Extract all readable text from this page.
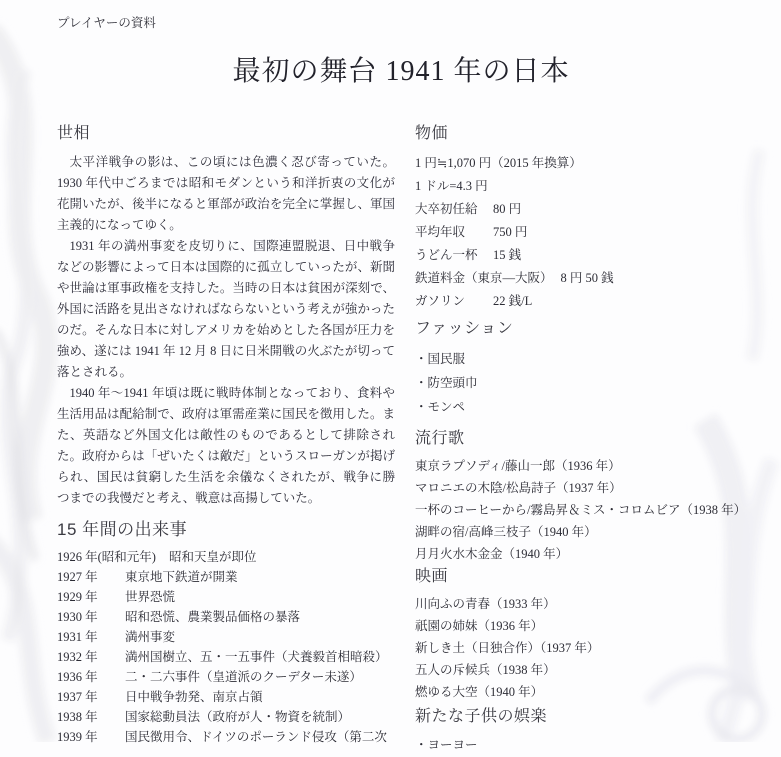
プレイヤーの資料
最初の舞台 1941 年の日本
世相

太平洋戦争の影は、この頃には色濃く忍び寄っていた。1930 年代中ごろまでは昭和モダンという和洋折衷の文化が花開いたが、後半になると軍部が政治を完全に掌握し、軍国主義的になってゆく。

1931 年の満州事変を皮切りに、国際連盟脱退、日中戦争などの影響によって日本は国際的に孤立していったが、新聞や世論は軍事政権を支持した。当時の日本は貧困が深刻で、外国に活路を見出さなければならないという考えが強かったのだ。そんな日本に対しアメリカを始めとした各国が圧力を強め、遂には 1941 年 12 月 8 日に日米開戦の火ぶたが切って落とされる。

1940 年～1941 年頃は既に戦時体制となっており、食料や生活用品は配給制で、政府は軍需産業に国民を徴用した。また、英語など外国文化は敵性のものであるとして排除された。政府からは「ぜいたくは敵だ」というスローガンが掲げられ、国民は貧窮した生活を余儀なくされたが、戦争に勝つまでの我慢だと考え、戦意は高揚していた。

15 年間の出来事
1926 年(昭和元年) 昭和天皇が即位
1927 年	東京地下鉄道が開業
1929 年	世界恐慌
1930 年	昭和恐慌、農業製品価格の暴落
1931 年	満州事変
1932 年	満州国樹立、五・一五事件（犬養毅首相暗殺）
1936 年	二・二六事件（皇道派のクーデター未遂）
1937 年	日中戦争勃発、南京占領
1938 年	国家総動員法（政府が人・物資を統制）
1939 年	国民徴用令、ドイツのポーランド侵攻（第二次
物価
1 円≒1,070 円（2015 年換算）
1 ドル=4.3 円
大卒初任給	80 円
平均年収	750 円
うどん一杯	15 銭
鉄道料金（東京―大阪） 8 円 50 銭
ガソリン	22 銭/L
ファッション
・国民服
・防空頭巾
・モンペ
流行歌
東京ラプソディ/藤山一郎（1936 年）
マロニエの木陰/松島詩子（1937 年）
一杯のコーヒーから/霧島昇＆ミス・コロムビア（1938 年）
湖畔の宿/高峰三枝子（1940 年）
月月火水木金金（1940 年）
映画
川向ふの青春（1933 年）
祇園の姉妹（1936 年）
新しき土（日独合作）（1937 年）
五人の斥候兵（1938 年）
燃ゆる大空（1940 年）
新たな子供の娯楽
・ヨーヨー
